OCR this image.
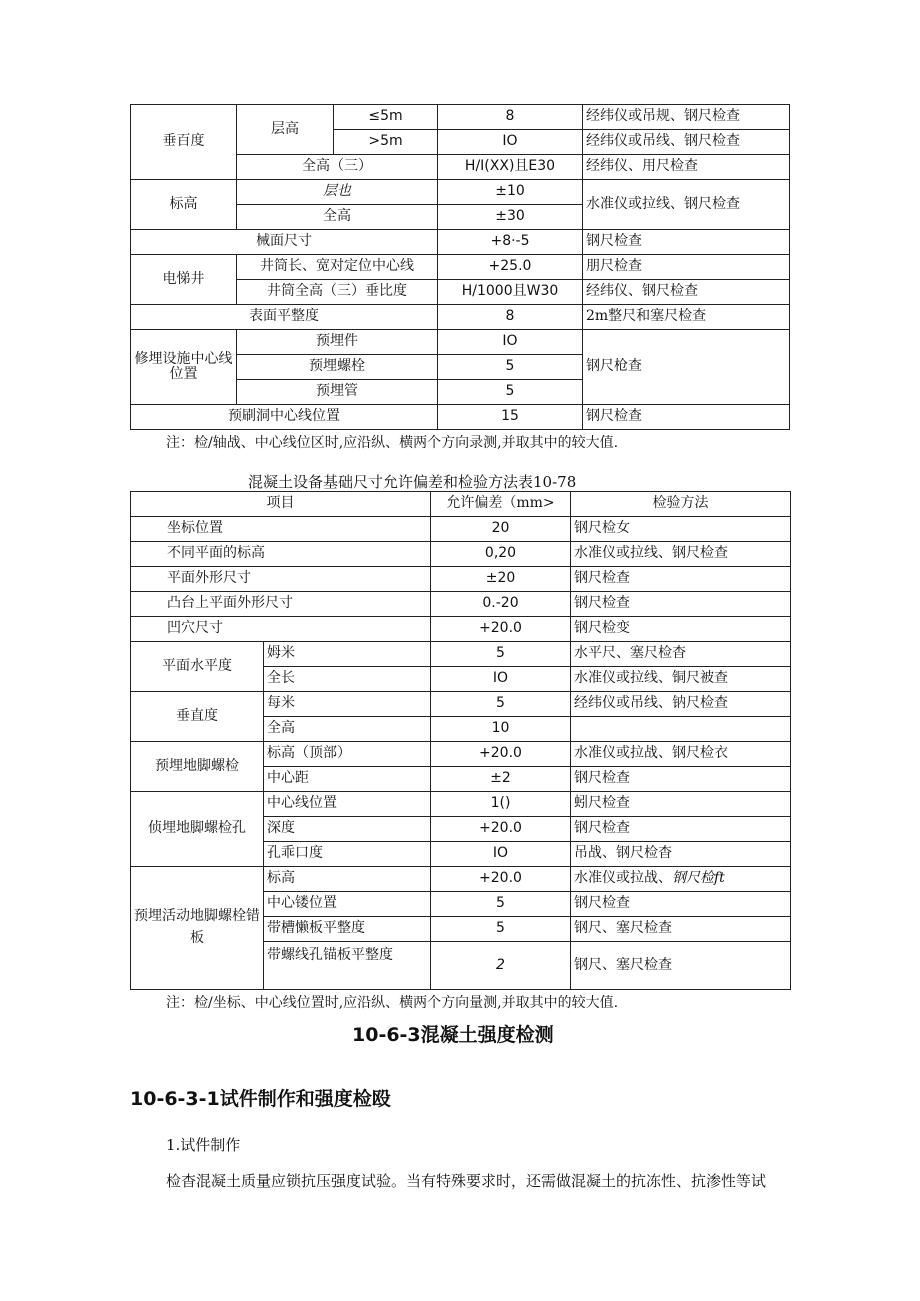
垂百度	层高	≤5m	8	经纬仪或吊规、钢尺检查
		>5m	IO	经纬仪或吊线、钢尺检查
	全高（三）		H/I(XX)且E30	经纬仪、用尺检查
标高	层也		±10	水准仪或拉线、钢尺检查
	全高		±30	
械面尺寸			+8·-5	钢尺检查
电悌井	井筒长、宽对定位中心线		+25.0	朋尺检查
	井筒全高（三）垂比度		H/1000且W30	经纬仪、钢尺检查
表面平整度			8	2m整尺和塞尺检查
修埋设施中心线位置	预埋件		IO	钢尺枪查
	预埋螺栓		5	
	预埋管		5	
预刷洞中心线位置			15	钢尺检查
注：检/轴战、中心线位区时,应沿纵、横两个方向录测,并取其中的较大值.
混凝土设备基础尺寸允许偏差和检验方法表10-78
项目		允许偏差（mm>	检验方法
坐标位置		20	钢尺检女
不同平面的标高		0,20	水准仪或拉线、钢尺检查
平面外形尺寸		±20	钢尺检查
凸台上平面外形尺寸		0.-20	钢尺检查
凹穴尺寸		+20.0	钢尺检变
平面水平度	姆米	5	水平尺、塞尺检杳
	全长	IO	水准仪或拉线、铜尺被查
垂直度	每米	5	经纬仪或吊线、钠尺检查
	全高	10	
预埋地脚螺检	标高（顶部）	+20.0	水准仪或拉战、钢尺检衣
	中心距	±2	钢尺检查
侦埋地脚螺检孔	中心线位置	1()	蚓尺检查
	深度	+20.0	钢尺检查
	孔乖口度	IO	吊战、钢尺检杳
预埋活动地脚螺栓错板	标高	+20.0	水准仪或拉战、钢尺检ft
	中心镂位置	5	钢尺检查
	带槽懒板平整度	5	钢尺、塞尺检查
	带螺线孔锚板平整度	2	钢尺、塞尺检查
注：检/坐标、中心线位置时,应沿纵、横两个方向量测,并取其中的较大值.
10-6-3混凝土强度检测
10-6-3-1试件制作和强度检殴
1.试件制作
检杳混凝土质量应锁抗压强度试验。当有特殊要求时，还需做混凝土的抗冻性、抗渗性等试
